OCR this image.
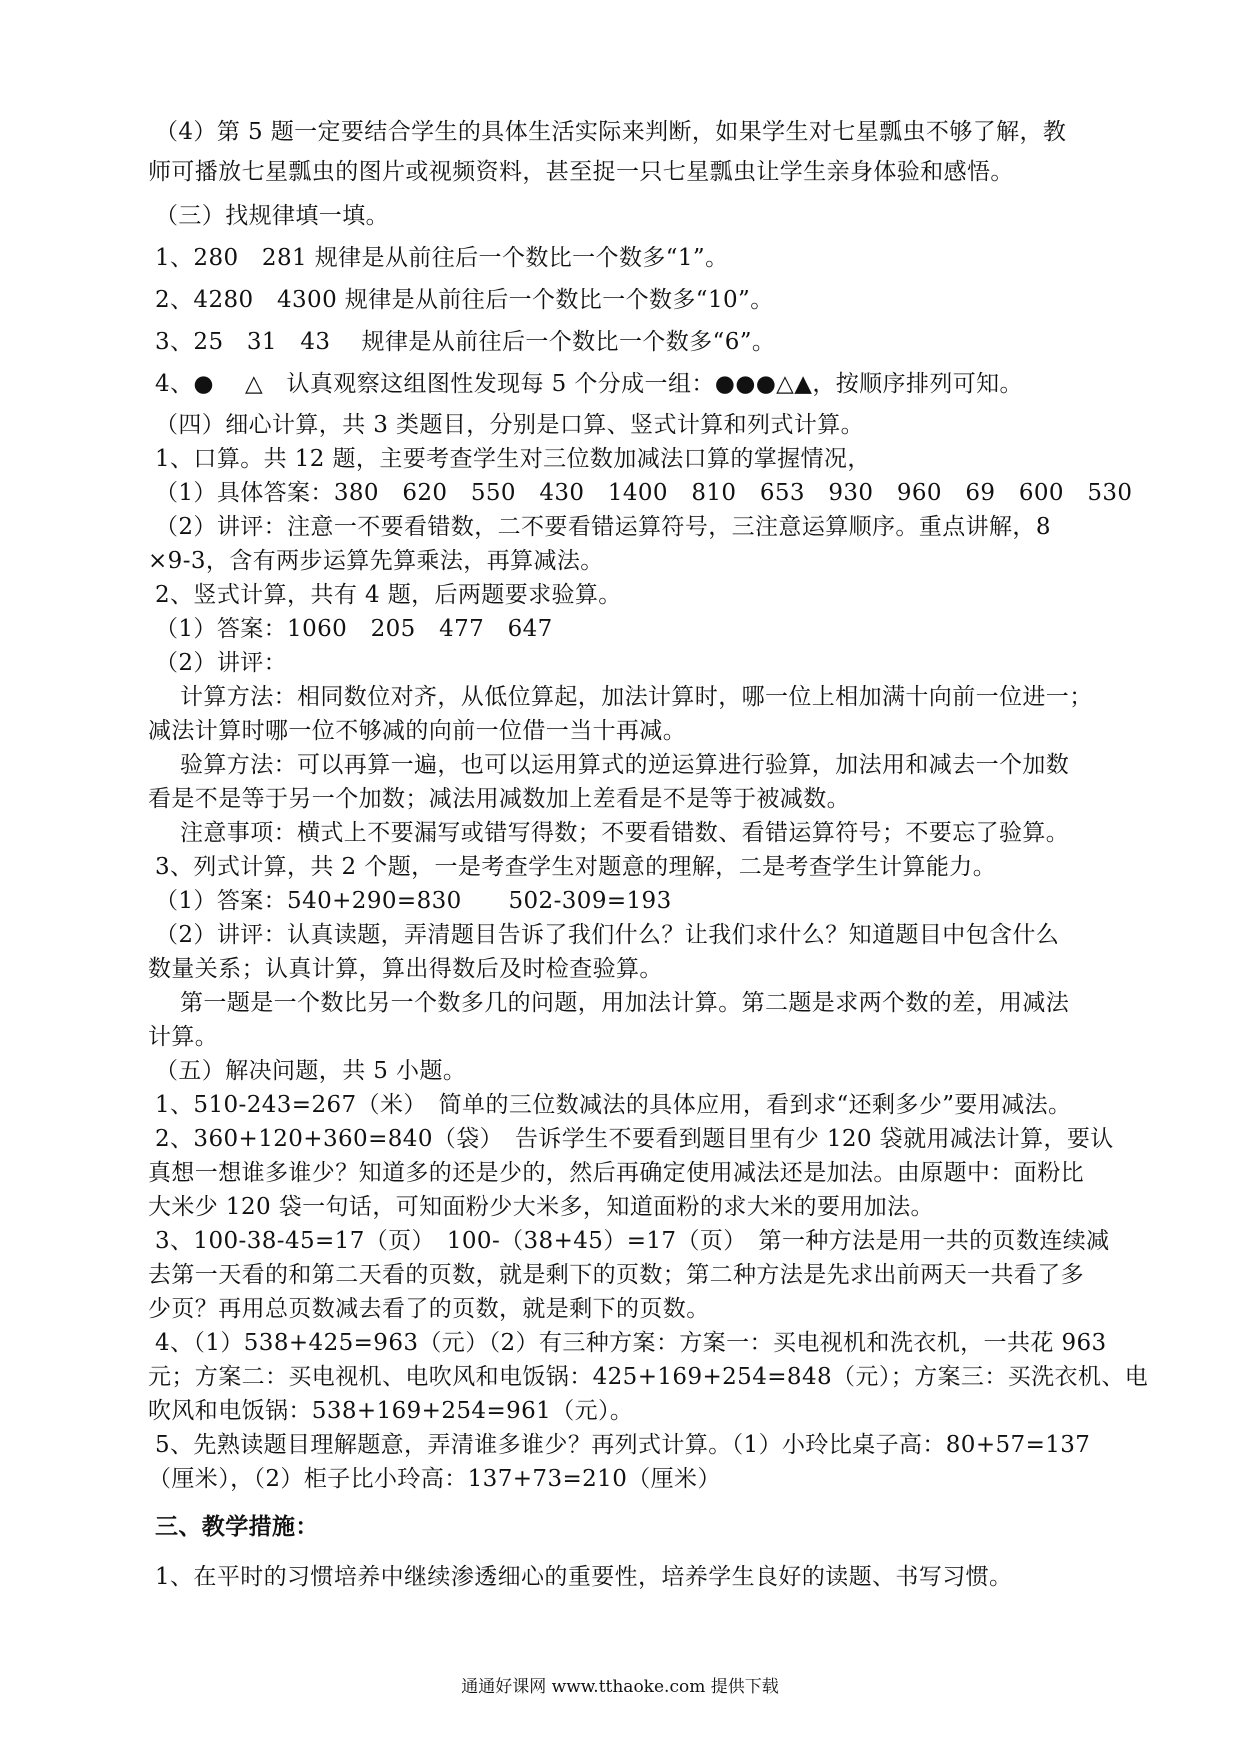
（4）第 5 题一定要结合学生的具体生活实际来判断，如果学生对七星瓢虫不够了解，教

师可播放七星瓢虫的图片或视频资料，甚至捉一只七星瓢虫让学生亲身体验和感悟。

（三）找规律填一填。

1、280　281 规律是从前往后一个数比一个数多“1”。

2、4280　4300 规律是从前往后一个数比一个数多“10”。

3、25　31　43　 规律是从前往后一个数比一个数多“6”。

4、●　 △　认真观察这组图性发现每 5 个分成一组：●●●△▲，按顺序排列可知。

（四）细心计算，共 3 类题目，分别是口算、竖式计算和列式计算。

1、口算。共 12 题，主要考查学生对三位数加减法口算的掌握情况，

（1）具体答案：380　620　550　430　1400　810　653　930　960　69　600　530

（2）讲评：注意一不要看错数，二不要看错运算符号，三注意运算顺序。重点讲解，8

×9-3，含有两步运算先算乘法，再算减法。

2、竖式计算，共有 4 题，后两题要求验算。

（1）答案：1060　205　477　647

（2）讲评：

计算方法：相同数位对齐，从低位算起，加法计算时，哪一位上相加满十向前一位进一；

减法计算时哪一位不够减的向前一位借一当十再减。

验算方法：可以再算一遍，也可以运用算式的逆运算进行验算，加法用和减去一个加数

看是不是等于另一个加数；减法用减数加上差看是不是等于被减数。

注意事项：横式上不要漏写或错写得数；不要看错数、看错运算符号；不要忘了验算。

3、列式计算，共 2 个题，一是考查学生对题意的理解，二是考查学生计算能力。

（1）答案：540+290=830　　502-309=193

（2）讲评：认真读题，弄清题目告诉了我们什么？让我们求什么？知道题目中包含什么

数量关系；认真计算，算出得数后及时检查验算。

第一题是一个数比另一个数多几的问题，用加法计算。第二题是求两个数的差，用减法

计算。

（五）解决问题，共 5 小题。

1、510-243=267（米）　简单的三位数减法的具体应用，看到求“还剩多少”要用减法。

2、360+120+360=840（袋）　告诉学生不要看到题目里有少 120 袋就用减法计算，要认

真想一想谁多谁少？知道多的还是少的，然后再确定使用减法还是加法。由原题中：面粉比

大米少 120 袋一句话，可知面粉少大米多，知道面粉的求大米的要用加法。

3、100-38-45=17（页）　100-（38+45）=17（页）　第一种方法是用一共的页数连续减

去第一天看的和第二天看的页数，就是剩下的页数；第二种方法是先求出前两天一共看了多

少页？再用总页数减去看了的页数，就是剩下的页数。

4、（1）538+425=963（元）（2）有三种方案：方案一：买电视机和洗衣机，一共花 963

元；方案二：买电视机、电吹风和电饭锅：425+169+254=848（元）；方案三：买洗衣机、电

吹风和电饭锅：538+169+254=961（元）。

5、先熟读题目理解题意，弄清谁多谁少？再列式计算。（1）小玲比桌子高：80+57=137

（厘米），（2）柜子比小玲高：137+73=210（厘米）

三、教学措施：

1、在平时的习惯培养中继续渗透细心的重要性，培养学生良好的读题、书写习惯。

通通好课网 www.tthaoke.com 提供下载
